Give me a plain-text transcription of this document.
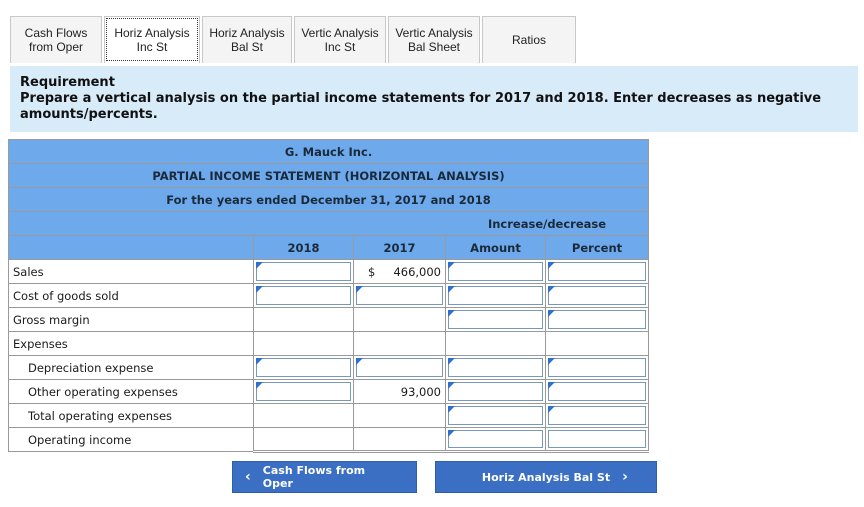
Cash Flows
from Oper
Horiz Analysis
Inc St
Horiz Analysis
Bal St
Vertic Analysis
Inc St
Vertic Analysis
Bal Sheet	Ratios
Requirement
Prepare a vertical analysis on the partial income statements for 2017 and 2018. Enter decreases as negative amounts/percents.
G. Mauck Inc.				
PARTIAL INCOME STATEMENT (HORIZONTAL ANALYSIS)				
For the years ended December 31, 2017 and 2018				
			Increase/decrease	
	2018	2017	Amount	Percent
Sales		$ 466,000		

Cost of goods sold	

Gross margin			

Expenses				
Depreciation expense	

Other operating expenses		93,000		

Total operating expenses			

Operating income			

‹ Cash Flows from Oper	Horiz Analysis Bal St ›
